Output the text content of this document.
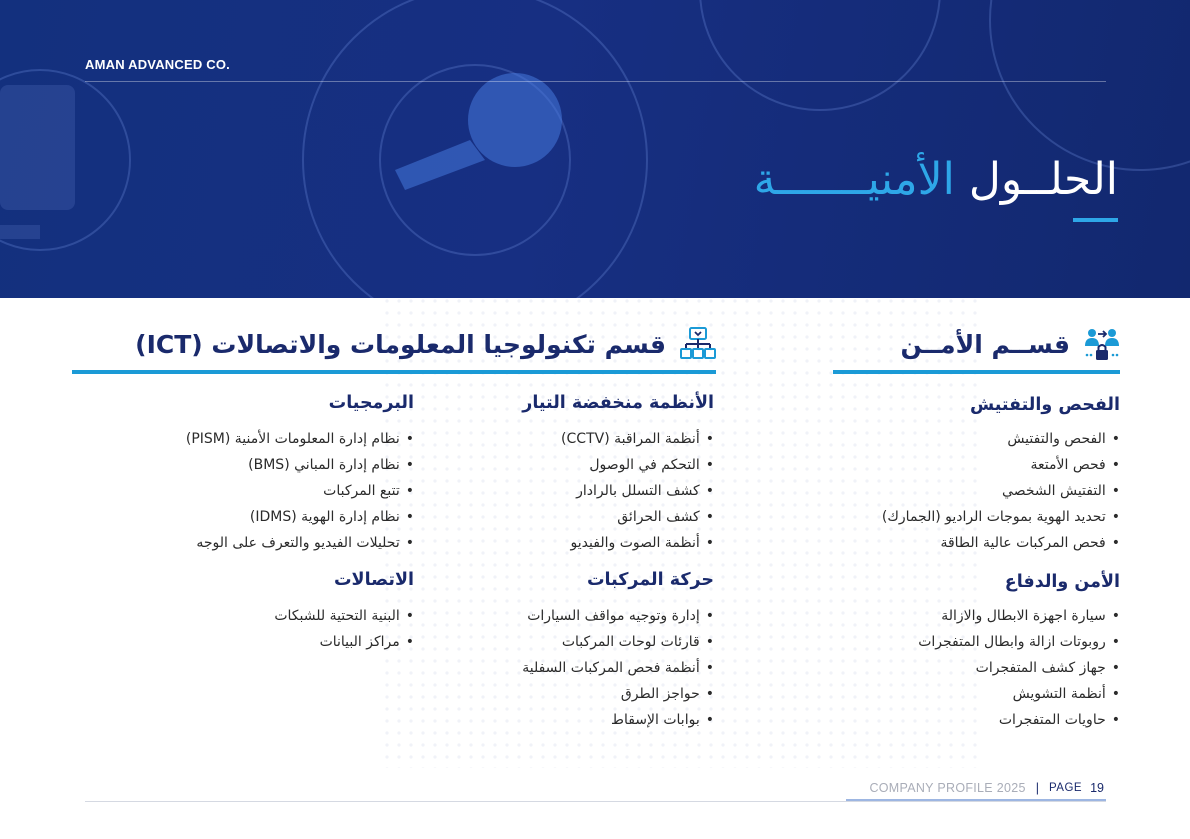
AMAN ADVANCED CO.
الحلــول الأمنيـــــــة
قســم الأمــن
الفحص والتفتيش
• الفحص والتفتيش
• فحص الأمتعة
• التفتيش الشخصي
• تحديد الهوية بموجات الراديو (الجمارك)
• فحص المركبات عالية الطاقة
الأمن والدفاع
• سيارة اجهزة الابطال والازالة
• روبوتات ازالة وابطال المتفجرات
• جهاز كشف المتفجرات
• أنظمة التشويش
• حاويات المتفجرات
قسم تكنولوجيا المعلومات والاتصالات (ICT)
الأنظمة منخفضة التيار
• أنظمة المراقبة (CCTV)
• التحكم في الوصول
• كشف التسلل بالرادار
• كشف الحرائق
• أنظمة الصوت والفيديو
حركة المركبات
• إدارة وتوجيه مواقف السيارات
• قارئات لوحات المركبات
• أنظمة فحص المركبات السفلية
• حواجز الطرق
• بوابات الإسقاط
البرمجيات
• نظام إدارة المعلومات الأمنية (PISM)
• نظام إدارة المباني (BMS)
• تتبع المركبات
• نظام إدارة الهوية (IDMS)
• تحليلات الفيديو والتعرف على الوجه
الاتصالات
• البنية التحتية للشبكات
• مراكز البيانات
COMPANY PROFILE 2025 | PAGE 19
